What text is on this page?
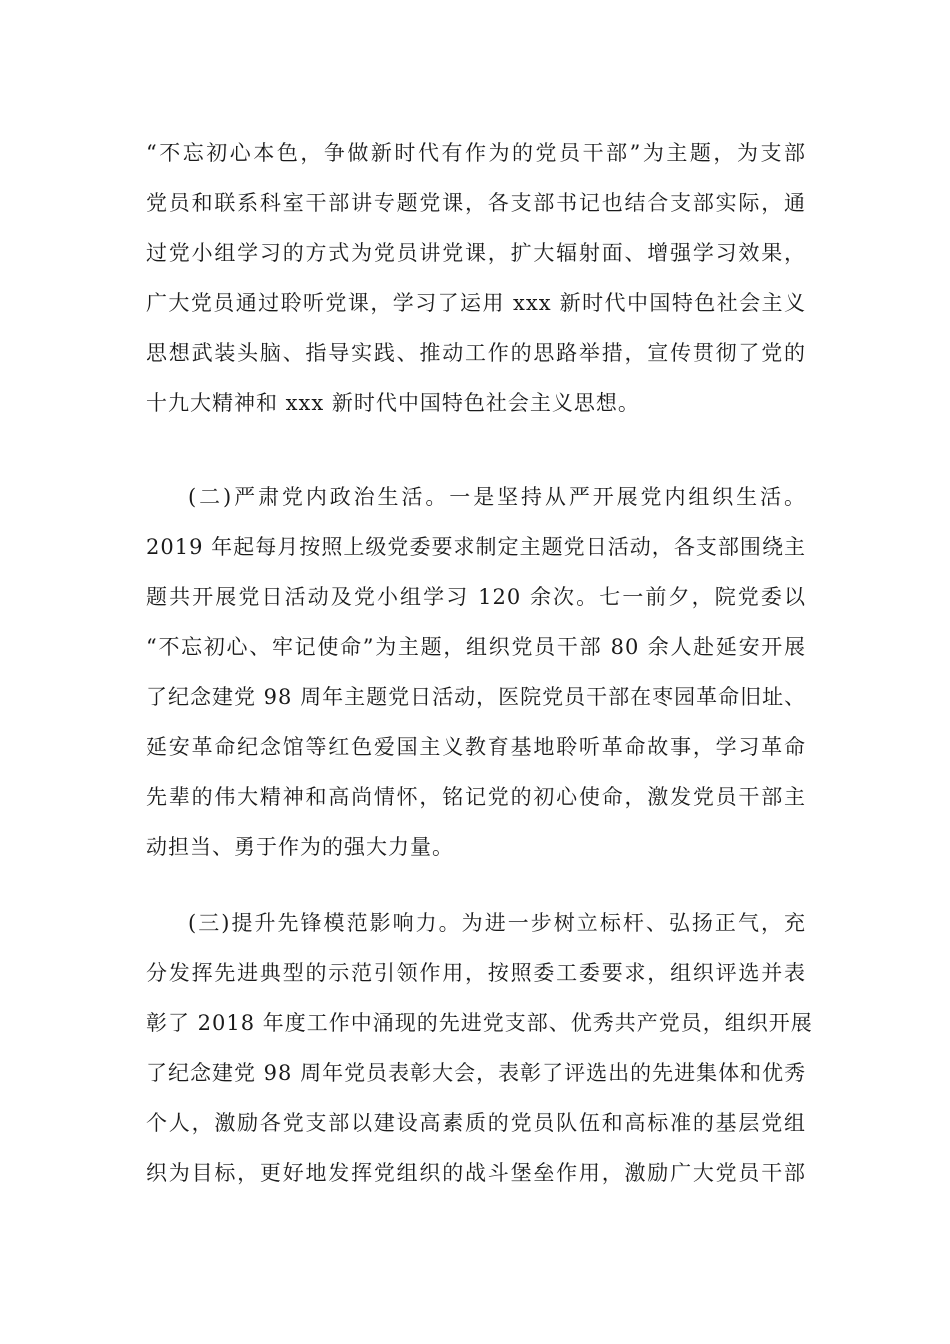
“不忘初心本色，争做新时代有作为的党员干部”为主题，为支部
党员和联系科室干部讲专题党课，各支部书记也结合支部实际，通
过党小组学习的方式为党员讲党课，扩大辐射面、增强学习效果，
广大党员通过聆听党课，学习了运用 xxx 新时代中国特色社会主义
思想武装头脑、指导实践、推动工作的思路举措，宣传贯彻了党的
十九大精神和 xxx 新时代中国特色社会主义思想。
(二)严肃党内政治生活。一是坚持从严开展党内组织生活。
2019 年起每月按照上级党委要求制定主题党日活动，各支部围绕主
题共开展党日活动及党小组学习 120 余次。七一前夕，院党委以
“不忘初心、牢记使命”为主题，组织党员干部 80 余人赴延安开展
了纪念建党 98 周年主题党日活动，医院党员干部在枣园革命旧址、
延安革命纪念馆等红色爱国主义教育基地聆听革命故事，学习革命
先辈的伟大精神和高尚情怀，铭记党的初心使命，激发党员干部主
动担当、勇于作为的强大力量。
(三)提升先锋模范影响力。为进一步树立标杆、弘扬正气，充
分发挥先进典型的示范引领作用，按照委工委要求，组织评选并表
彰了 2018 年度工作中涌现的先进党支部、优秀共产党员，组织开展
了纪念建党 98 周年党员表彰大会，表彰了评选出的先进集体和优秀
个人，激励各党支部以建设高素质的党员队伍和高标准的基层党组
织为目标，更好地发挥党组织的战斗堡垒作用，激励广大党员干部
